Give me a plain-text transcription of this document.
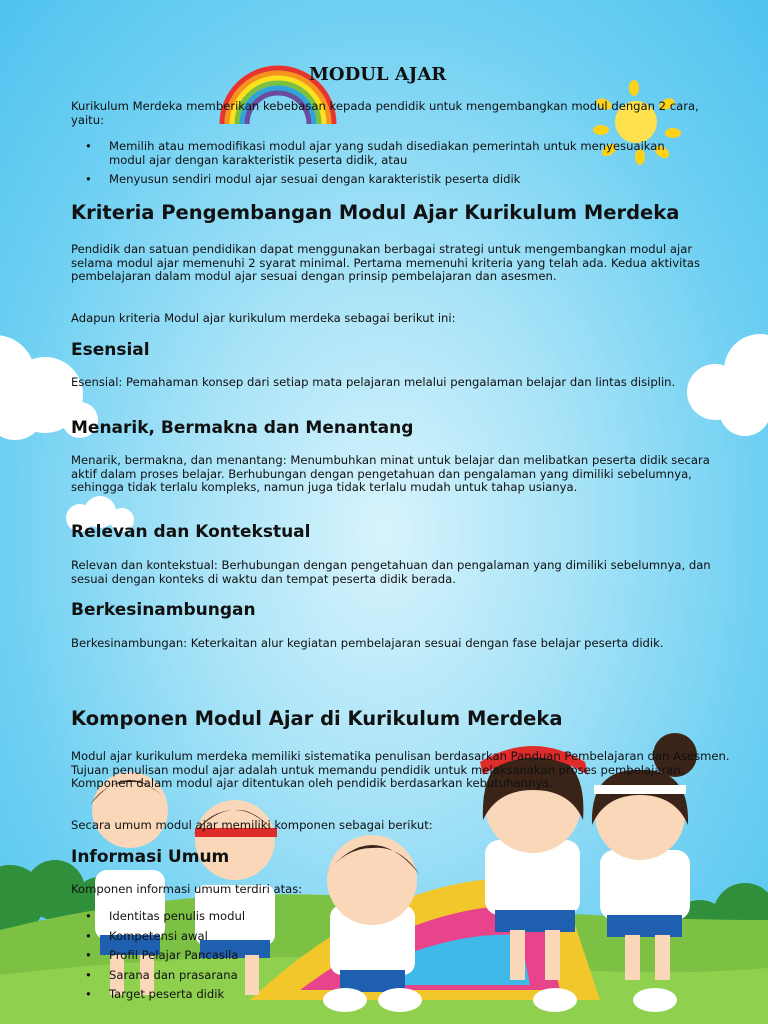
MODUL AJAR

Kurikulum Merdeka memberikan kebebasan kepada pendidik untuk mengembangkan modul dengan 2 cara, yaitu:

• Memilih atau memodifikasi modul ajar yang sudah disediakan pemerintah untuk menyesuaikan modul ajar dengan karakteristik peserta didik, atau
• Menyusun sendiri modul ajar sesuai dengan karakteristik peserta didik
Kriteria Pengembangan Modul Ajar Kurikulum Merdeka

Pendidik dan satuan pendidikan dapat menggunakan berbagai strategi untuk mengembangkan modul ajar selama modul ajar memenuhi 2 syarat minimal. Pertama memenuhi kriteria yang telah ada. Kedua aktivitas pembelajaran dalam modul ajar sesuai dengan prinsip pembelajaran dan asesmen.

Adapun kriteria Modul ajar kurikulum merdeka sebagai berikut ini:

Esensial

Esensial: Pemahaman konsep dari setiap mata pelajaran melalui pengalaman belajar dan lintas disiplin.

Menarik, Bermakna dan Menantang

Menarik, bermakna, dan menantang: Menumbuhkan minat untuk belajar dan melibatkan peserta didik secara aktif dalam proses belajar. Berhubungan dengan pengetahuan dan pengalaman yang dimiliki sebelumnya, sehingga tidak terlalu kompleks, namun juga tidak terlalu mudah untuk tahap usianya.

Relevan dan Kontekstual

Relevan dan kontekstual: Berhubungan dengan pengetahuan dan pengalaman yang dimiliki sebelumnya, dan sesuai dengan konteks di waktu dan tempat peserta didik berada.

Berkesinambungan

Berkesinambungan: Keterkaitan alur kegiatan pembelajaran sesuai dengan fase belajar peserta didik.

Komponen Modul Ajar di Kurikulum Merdeka

Modul ajar kurikulum merdeka memiliki sistematika penulisan berdasarkan Panduan Pembelajaran dan Asesmen. Tujuan penulisan modul ajar adalah untuk memandu pendidik untuk melaksanakan proses pembelajaran. Komponen dalam modul ajar ditentukan oleh pendidik berdasarkan kebutuhannya.

Secara umum modul ajar memiliki komponen sebagai berikut:

Informasi Umum

Komponen informasi umum terdiri atas:

• Identitas penulis modul
• Kompetensi awal
• Profil Pelajar Pancasila
• Sarana dan prasarana
• Target peserta didik
